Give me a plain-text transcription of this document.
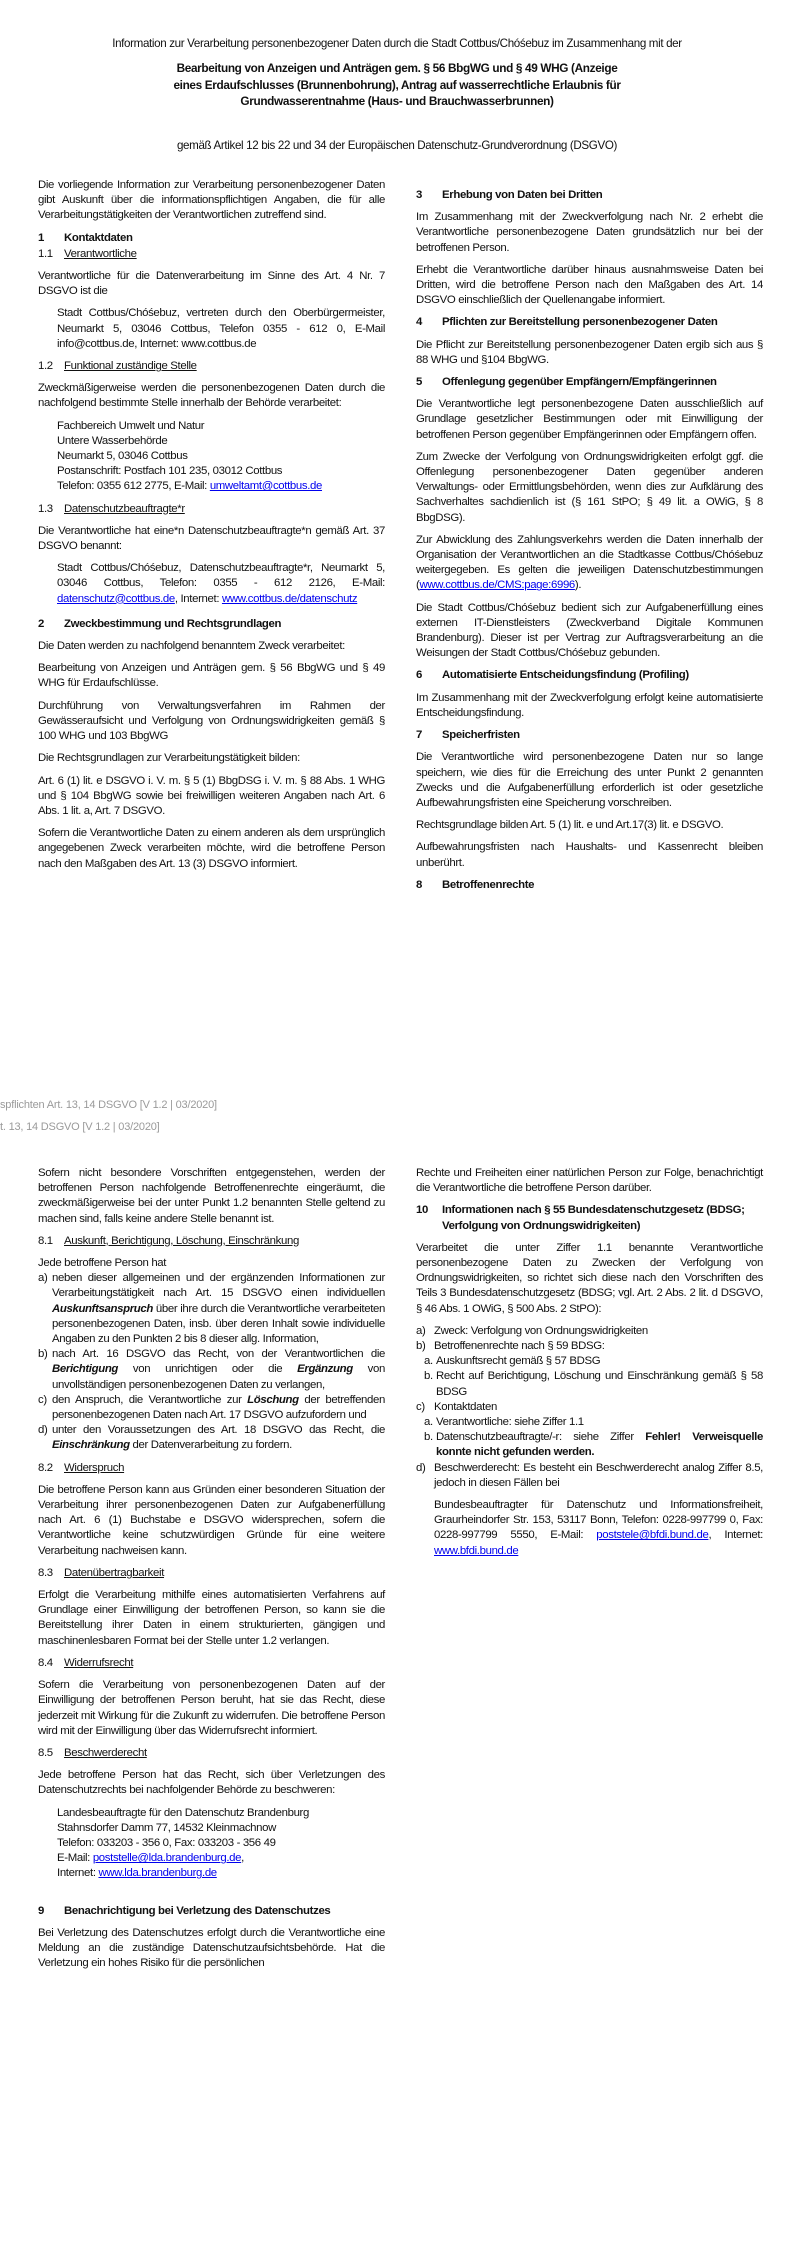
Information zur Verarbeitung personenbezogener Daten durch die Stadt Cottbus/Chóśebuz im Zusammenhang mit der
Bearbeitung von Anzeigen und Anträgen gem. § 56 BbgWG und § 49 WHG (Anzeige eines Erdaufschlusses (Brunnenbohrung), Antrag auf wasserrechtliche Erlaubnis für Grundwasserentnahme (Haus- und Brauchwasserbrunnen)
gemäß Artikel 12 bis 22 und 34 der Europäischen Datenschutz-Grundverordnung (DSGVO)
spflichten Art. 13, 14 DSGVO [V 1.2 | 03/2020]
t. 13, 14 DSGVO [V 1.2 | 03/2020]

Die vorliegende Information zur Verarbeitung personenbezogener Daten gibt Auskunft über die informationspflichtigen Angaben, die für alle Verarbeitungstätigkeiten der Verantwortlichen zutreffend sind.

1	Kontaktdaten
1.1 Verantwortliche

Verantwortliche für die Datenverarbeitung im Sinne des Art. 4 Nr. 7 DSGVO ist die

Stadt Cottbus/Chóśebuz, vertreten durch den Oberbürgermeister, Neumarkt 5, 03046 Cottbus, Telefon 0355 - 612 0, E-Mail info@cottbus.de, Internet: www.cottbus.de

1.2 Funktional zuständige Stelle

Zweckmäßigerweise werden die personenbezogenen Daten durch die nachfolgend bestimmte Stelle innerhalb der Behörde verarbeitet:

Fachbereich Umwelt und Natur
Untere Wasserbehörde
Neumarkt 5, 03046 Cottbus
Postanschrift: Postfach 101 235, 03012 Cottbus
Telefon: 0355 612 2775, E-Mail: umweltamt@cottbus.de
1.3 Datenschutzbeauftragte*r

Die Verantwortliche hat eine*n Datenschutzbeauftragte*n gemäß Art. 37 DSGVO benannt:

Stadt Cottbus/Chóśebuz, Datenschutzbeauftragte*r, Neumarkt 5, 03046 Cottbus, Telefon: 0355 - 612 2126, E-Mail: datenschutz@cottbus.de, Internet: www.cottbus.de/datenschutz

2	Zweckbestimmung und Rechtsgrundlagen

Die Daten werden zu nachfolgend benanntem Zweck verarbeitet:

Bearbeitung von Anzeigen und Anträgen gem. § 56 BbgWG und § 49 WHG für Erdaufschlüsse.

Durchführung von Verwaltungsverfahren im Rahmen der Gewässeraufsicht und Verfolgung von Ordnungswidrigkeiten gemäß § 100 WHG und 103 BbgWG

Die Rechtsgrundlagen zur Verarbeitungstätigkeit bilden:

Art. 6 (1) lit. e DSGVO i. V. m. § 5 (1) BbgDSG i. V. m. § 88 Abs. 1 WHG und § 104 BbgWG sowie bei freiwilligen weiteren Angaben nach Art. 6 Abs. 1 lit. a, Art. 7 DSGVO.

Sofern die Verantwortliche Daten zu einem anderen als dem ursprünglich angegebenen Zweck verarbeiten möchte, wird die betroffene Person nach den Maßgaben des Art. 13 (3) DSGVO informiert.

3	Erhebung von Daten bei Dritten

Im Zusammenhang mit der Zweckverfolgung nach Nr. 2 erhebt die Verantwortliche personenbezogene Daten grundsätzlich nur bei der betroffenen Person.

Erhebt die Verantwortliche darüber hinaus ausnahmsweise Daten bei Dritten, wird die betroffene Person nach den Maßgaben des Art. 14 DSGVO einschließlich der Quellenangabe informiert.

4	Pflichten zur Bereitstellung personenbezogener Daten

Die Pflicht zur Bereitstellung personenbezogener Daten ergib sich aus § 88 WHG und §104 BbgWG.

5	Offenlegung gegenüber Empfängern/Empfängerinnen

Die Verantwortliche legt personenbezogene Daten ausschließlich auf Grundlage gesetzlicher Bestimmungen oder mit Einwilligung der betroffenen Person gegenüber Empfängerinnen oder Empfängern offen.

Zum Zwecke der Verfolgung von Ordnungswidrigkeiten erfolgt ggf. die Offenlegung personenbezogener Daten gegenüber anderen Verwaltungs- oder Ermittlungsbehörden, wenn dies zur Aufklärung des Sachverhaltes sachdienlich ist (§ 161 StPO; § 49 lit. a OWiG, § 8 BbgDSG).

Zur Abwicklung des Zahlungsverkehrs werden die Daten innerhalb der Organisation der Verantwortlichen an die Stadtkasse Cottbus/Chóśebuz weitergegeben. Es gelten die jeweiligen Datenschutzbestimmungen (www.cottbus.de/CMS:page:6996).

Die Stadt Cottbus/Chóśebuz bedient sich zur Aufgabenerfüllung eines externen IT-Dienstleisters (Zweckverband Digitale Kommunen Brandenburg). Dieser ist per Vertrag zur Auftragsverarbeitung an die Weisungen der Stadt Cottbus/Chóśebuz gebunden.

6	Automatisierte Entscheidungsfindung (Profiling)

Im Zusammenhang mit der Zweckverfolgung erfolgt keine automatisierte Entscheidungsfindung.

7	Speicherfristen

Die Verantwortliche wird personenbezogene Daten nur so lange speichern, wie dies für die Erreichung des unter Punkt 2 genannten Zwecks und die Aufgabenerfüllung erforderlich ist oder gesetzliche Aufbewahrungsfristen eine Speicherung vorschreiben.

Rechtsgrundlage bilden Art. 5 (1) lit. e und Art.17(3) lit. e DSGVO.

Aufbewahrungsfristen nach Haushalts- und Kassenrecht bleiben unberührt.

8	Betroffenenrechte

Sofern nicht besondere Vorschriften entgegenstehen, werden der betroffenen Person nachfolgende Betroffenenrechte eingeräumt, die zweckmäßigerweise bei der unter Punkt 1.2 benannten Stelle geltend zu machen sind, falls keine andere Stelle benannt ist.

8.1 Auskunft, Berichtigung, Löschung, Einschränkung
Jede betroffene Person hat
a) neben dieser allgemeinen und der ergänzenden Informationen zur Verarbeitungstätigkeit nach Art. 15 DSGVO einen individuellen Auskunftsanspruch über ihre durch die Verantwortliche verarbeiteten personenbezogenen Daten, insb. über deren Inhalt sowie individuelle Angaben zu den Punkten 2 bis 8 dieser allg. Information,
b) nach Art. 16 DSGVO das Recht, von der Verantwortlichen die Berichtigung von unrichtigen oder die Ergänzung von unvollständigen personenbezogenen Daten zu verlangen,
c) den Anspruch, die Verantwortliche zur Löschung der betreffenden personenbezogenen Daten nach Art. 17 DSGVO aufzufordern und
d) unter den Voraussetzungen des Art. 18 DSGVO das Recht, die Einschränkung der Datenverarbeitung zu fordern.
8.2 Widerspruch

Die betroffene Person kann aus Gründen einer besonderen Situation der Verarbeitung ihrer personenbezogenen Daten zur Aufgabenerfüllung nach Art. 6 (1) Buchstabe e DSGVO widersprechen, sofern die Verantwortliche keine schutzwürdigen Gründe für eine weitere Verarbeitung nachweisen kann.

8.3 Datenübertragbarkeit

Erfolgt die Verarbeitung mithilfe eines automatisierten Verfahrens auf Grundlage einer Einwilligung der betroffenen Person, so kann sie die Bereitstellung ihrer Daten in einem strukturierten, gängigen und maschinenlesbaren Format bei der Stelle unter 1.2 verlangen.

8.4 Widerrufsrecht

Sofern die Verarbeitung von personenbezogenen Daten auf der Einwilligung der betroffenen Person beruht, hat sie das Recht, diese jederzeit mit Wirkung für die Zukunft zu widerrufen. Die betroffene Person wird mit der Einwilligung über das Widerrufsrecht informiert.

8.5 Beschwerderecht

Jede betroffene Person hat das Recht, sich über Verletzungen des Datenschutzrechts bei nachfolgender Behörde zu beschweren:

Landesbeauftragte für den Datenschutz Brandenburg
Stahnsdorfer Damm 77, 14532 Kleinmachnow
Telefon: 033203 - 356 0, Fax: 033203 - 356 49
E-Mail: poststelle@lda.brandenburg.de,
Internet: www.lda.brandenburg.de
9	Benachrichtigung bei Verletzung des Datenschutzes

Bei Verletzung des Datenschutzes erfolgt durch die Verantwortliche eine Meldung an die zuständige Datenschutzaufsichtsbehörde. Hat die Verletzung ein hohes Risiko für die persönlichen

Rechte und Freiheiten einer natürlichen Person zur Folge, benachrichtigt die Verantwortliche die betroffene Person darüber.

10	Informationen nach § 55 Bundesdatenschutzgesetz (BDSG; Verfolgung von Ordnungswidrigkeiten)

Verarbeitet die unter Ziffer 1.1 benannte Verantwortliche personenbezogene Daten zu Zwecken der Verfolgung von Ordnungswidrigkeiten, so richtet sich diese nach den Vorschriften des Teils 3 Bundesdatenschutzgesetz (BDSG; vgl. Art. 2 Abs. 2 lit. d DSGVO, § 46 Abs. 1 OWiG, § 500 Abs. 2 StPO):

a) Zweck: Verfolgung von Ordnungswidrigkeiten
b) Betroffenenrechte nach § 59 BDSG:
a. Auskunftsrecht gemäß § 57 BDSG
b. Recht auf Berichtigung, Löschung und Einschränkung gemäß § 58 BDSG
c) Kontaktdaten
a. Verantwortliche: siehe Ziffer 1.1
b. Datenschutzbeauftragte/-r: siehe Ziffer Fehler! Verweisquelle konnte nicht gefunden werden.
d) Beschwerderecht: Es besteht ein Beschwerderecht analog Ziffer 8.5, jedoch in diesen Fällen bei

Bundesbeauftragter für Datenschutz und Informationsfreiheit, Graurheindorfer Str. 153, 53117 Bonn, Telefon: 0228-997799 0, Fax: 0228-997799 5550, E-Mail: poststele@bfdi.bund.de, Internet: www.bfdi.bund.de
